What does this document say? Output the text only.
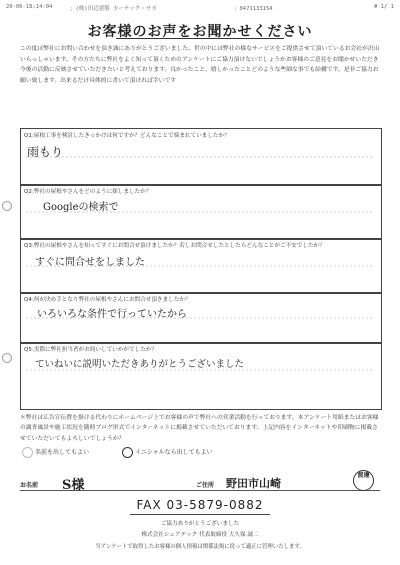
20-06-18;14:04	；(株)田辺建築 カーテック・サカ	；0471133154	# 1/ 1
お客様のお声をお聞かせください
この度は弊社にお問い合わせを頂き誠にありがとうございました。世の中には弊社の様なサービスをご提供させて頂いているお会社が沢山いらっしゃいます。その方たちに弊社をよく知って頂くためのアンケートにご協力頂けないでしょうかお客様のご意見をお聞かせいただき今後の活動に反映させていただきたいと考えております。良かったこと、嬉しかったことどのような些細な事でも結構です。是非ご協力お願い致します。出来るだけ具体的に書いて頂ければ幸いです
Q1:屋根工事を検討したきっかけは何ですか？どんなことで悩まれていましたか？
雨もり
Q2:弊社の屋根やさんをどのように探しましたか？
Googleの検索で
Q3:弊社の屋根やさんを知ってすぐにお問合せ頂けましたか？若しお問合せしたとしたらどんなことがご不安でしたか？
すぐに問合せをしました
Q4:何が決め手となり弊社の屋根やさんにお問合せ頂きましたか？
いろいろな条件で行っていたから
Q5:実際に弊社担当者がお伺いしていかがでしたか？
ていねいに説明いただきありがとうございました
＊弊社は広告宣伝費を掛ける代わりにホームページ上でお客様の声で弊社への営業活動を行っております。本アンケート用紙またはお客様の調査風景や施工状況を随時ブログ形式でインターネットに掲載させていただいております。上記内容をインターネットや印刷物に掲載させていただいてもよろしいでしょうか？
名前を出してもよい	イニシャルなら出してもよい
お名前 S様	ご住所 野田市山崎
渡邊
FAX 03-5879-0882
ご協力ありがとうございました
株式会社シェアテック 代表取締役 大久保 誠二
当アンケートで取得したお客様の個人情報は関係法規に従って適正に管理いたします。
